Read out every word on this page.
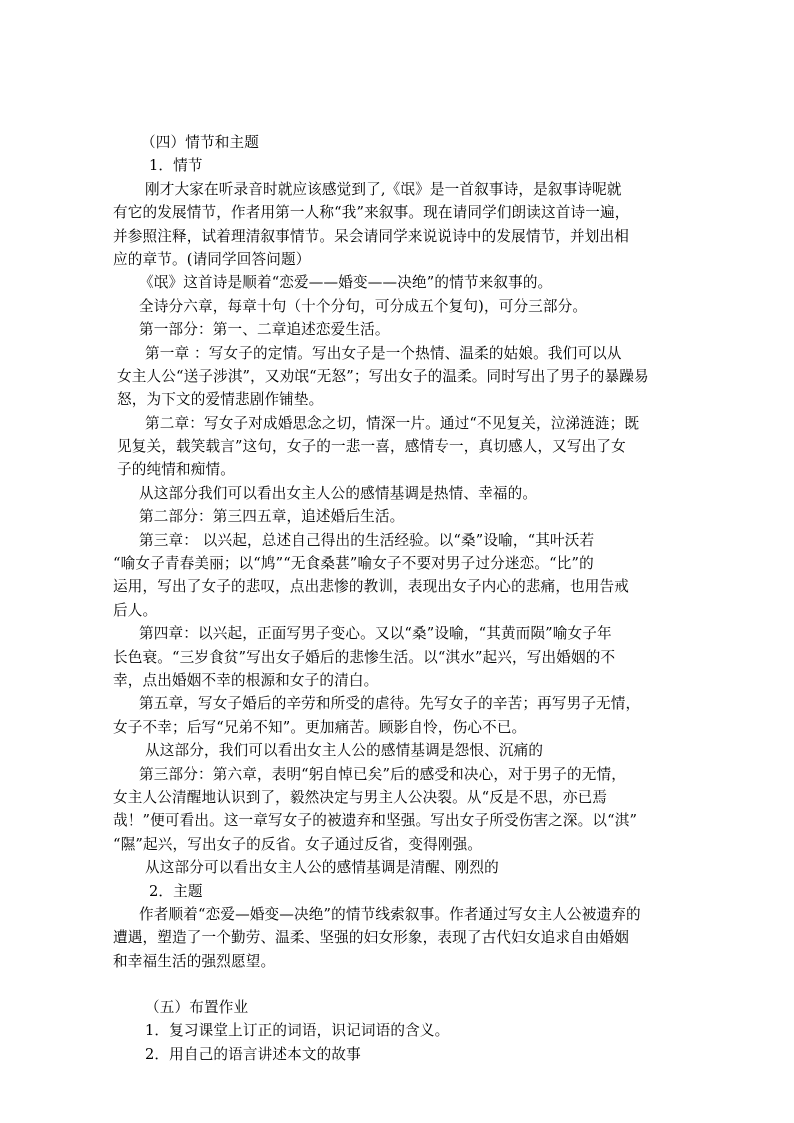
（四）情节和主题
1．情节
刚才大家在听录音时就应该感觉到了,《氓》是一首叙事诗，是叙事诗呢就
有它的发展情节，作者用第一人称“我”来叙事。现在请同学们朗读这首诗一遍，
并参照注释，试着理清叙事情节。呆会请同学来说说诗中的发展情节，并划出相
应的章节。(请同学回答问题）
《氓》这首诗是顺着“恋爱——婚变——决绝”的情节来叙事的。
全诗分六章，每章十句（十个分句，可分成五个复句)，可分三部分。
第一部分：第一、二章追述恋爱生活。
第一章 ：写女子的定情。写出女子是一个热情、温柔的姑娘。我们可以从
女主人公“送子涉淇”，又劝氓“无怒”；写出女子的温柔。同时写出了男子的暴躁易
怒，为下文的爱情悲剧作铺垫。
第二章：写女子对成婚思念之切，情深一片。通过“不见复关，泣涕涟涟；既
见复关，载笑载言”这句，女子的一悲一喜，感情专一，真切感人，又写出了女
子的纯情和痴情。
从这部分我们可以看出女主人公的感情基调是热情、幸福的。
第二部分：第三四五章，追述婚后生活。
第三章： 以兴起，总述自己得出的生活经验。以“桑”设喻，“其叶沃若
“喻女子青春美丽；以“鸠”“无食桑葚”喻女子不要对男子过分迷恋。“比”的
运用，写出了女子的悲叹，点出悲惨的教训，表现出女子内心的悲痛，也用告戒
后人。
第四章：以兴起，正面写男子变心。又以“桑”设喻，“其黄而陨”喻女子年
长色衰。“三岁食贫”写出女子婚后的悲惨生活。以“淇水”起兴，写出婚姻的不
幸，点出婚姻不幸的根源和女子的清白。
第五章，写女子婚后的辛劳和所受的虐待。先写女子的辛苦；再写男子无情，
女子不幸；后写“兄弟不知”。更加痛苦。顾影自怜，伤心不已。
从这部分，我们可以看出女主人公的感情基调是怨恨、沉痛的
第三部分：第六章，表明“躬自悼已矣”后的感受和决心，对于男子的无情，
女主人公清醒地认识到了，毅然决定与男主人公决裂。从“反是不思，亦已焉
哉！”便可看出。这一章写女子的被遗弃和坚强。写出女子所受伤害之深。以“淇”
“隰”起兴，写出女子的反省。女子通过反省，变得刚强。
从这部分可以看出女主人公的感情基调是清醒、刚烈的
2．主题
作者顺着“恋爱—婚变—决绝”的情节线索叙事。作者通过写女主人公被遗弃的
遭遇，塑造了一个勤劳、温柔、坚强的妇女形象，表现了古代妇女追求自由婚姻
和幸福生活的强烈愿望。
（五）布置作业
1．复习课堂上订正的词语，识记词语的含义。
2．用自己的语言讲述本文的故事
